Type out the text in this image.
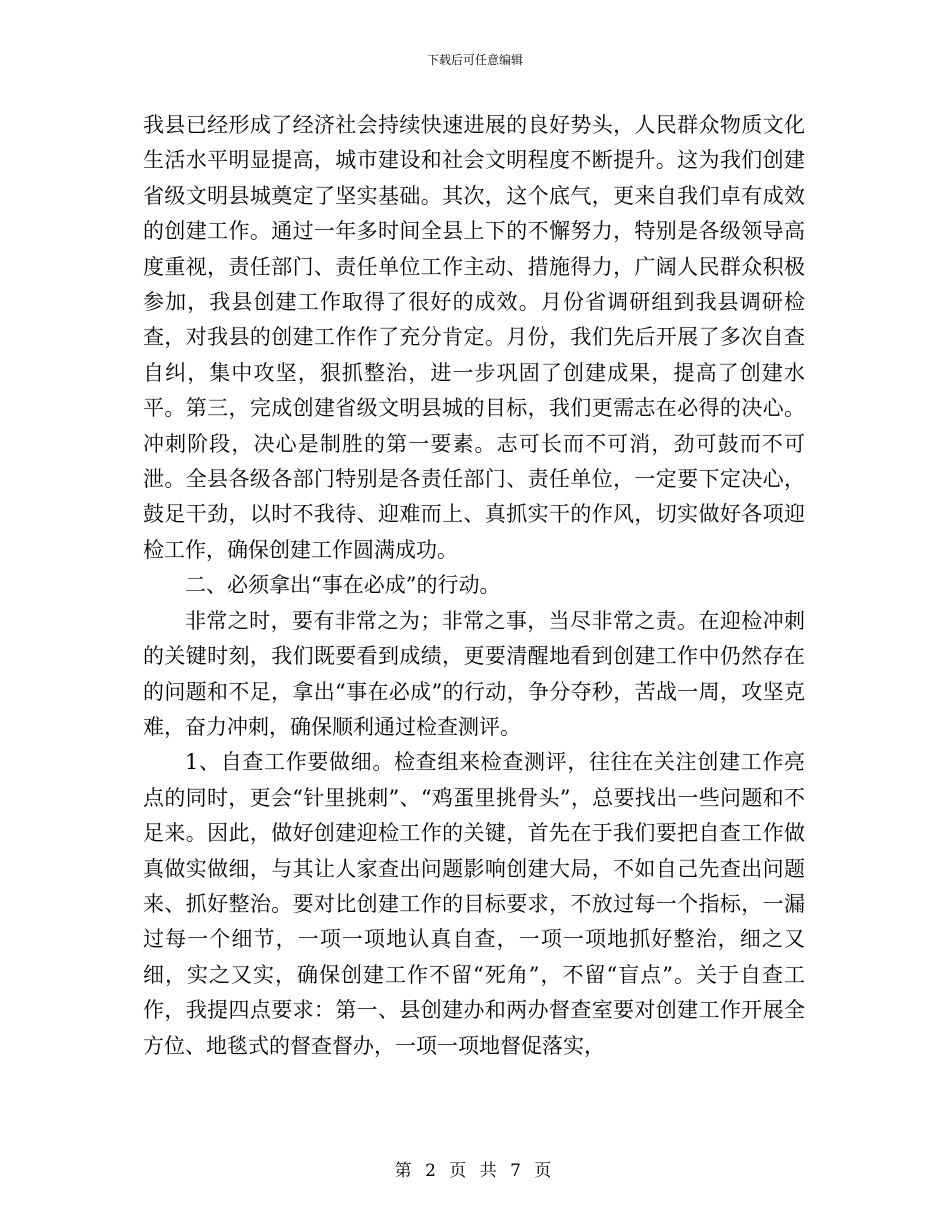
下载后可任意编辑

我县已经形成了经济社会持续快速进展的良好势头，人民群众物质文化生活水平明显提高，城市建设和社会文明程度不断提升。这为我们创建省级文明县城奠定了坚实基础。其次，这个底气，更来自我们卓有成效的创建工作。通过一年多时间全县上下的不懈努力，特别是各级领导高度重视，责任部门、责任单位工作主动、措施得力，广阔人民群众积极参加，我县创建工作取得了很好的成效。月份省调研组到我县调研检查，对我县的创建工作作了充分肯定。月份，我们先后开展了多次自查自纠，集中攻坚，狠抓整治，进一步巩固了创建成果，提高了创建水平。第三，完成创建省级文明县城的目标，我们更需志在必得的决心。冲刺阶段，决心是制胜的第一要素。志可长而不可消，劲可鼓而不可泄。全县各级各部门特别是各责任部门、责任单位，一定要下定决心，鼓足干劲，以时不我待、迎难而上、真抓实干的作风，切实做好各项迎检工作，确保创建工作圆满成功。

二、必须拿出“事在必成”的行动。

非常之时，要有非常之为；非常之事，当尽非常之责。在迎检冲刺的关键时刻，我们既要看到成绩，更要清醒地看到创建工作中仍然存在的问题和不足，拿出“事在必成”的行动，争分夺秒，苦战一周，攻坚克难，奋力冲刺，确保顺利通过检查测评。

1、自查工作要做细。检查组来检查测评，往往在关注创建工作亮点的同时，更会“针里挑刺”、“鸡蛋里挑骨头”，总要找出一些问题和不足来。因此，做好创建迎检工作的关键，首先在于我们要把自查工作做真做实做细，与其让人家查出问题影响创建大局，不如自己先查出问题来、抓好整治。要对比创建工作的目标要求，不放过每一个指标，一漏过每一个细节，一项一项地认真自查，一项一项地抓好整治，细之又细，实之又实，确保创建工作不留“死角”，不留“盲点”。关于自查工作，我提四点要求：第一、县创建办和两办督查室要对创建工作开展全方位、地毯式的督查督办，一项一项地督促落实，

第 2 页 共 7 页
